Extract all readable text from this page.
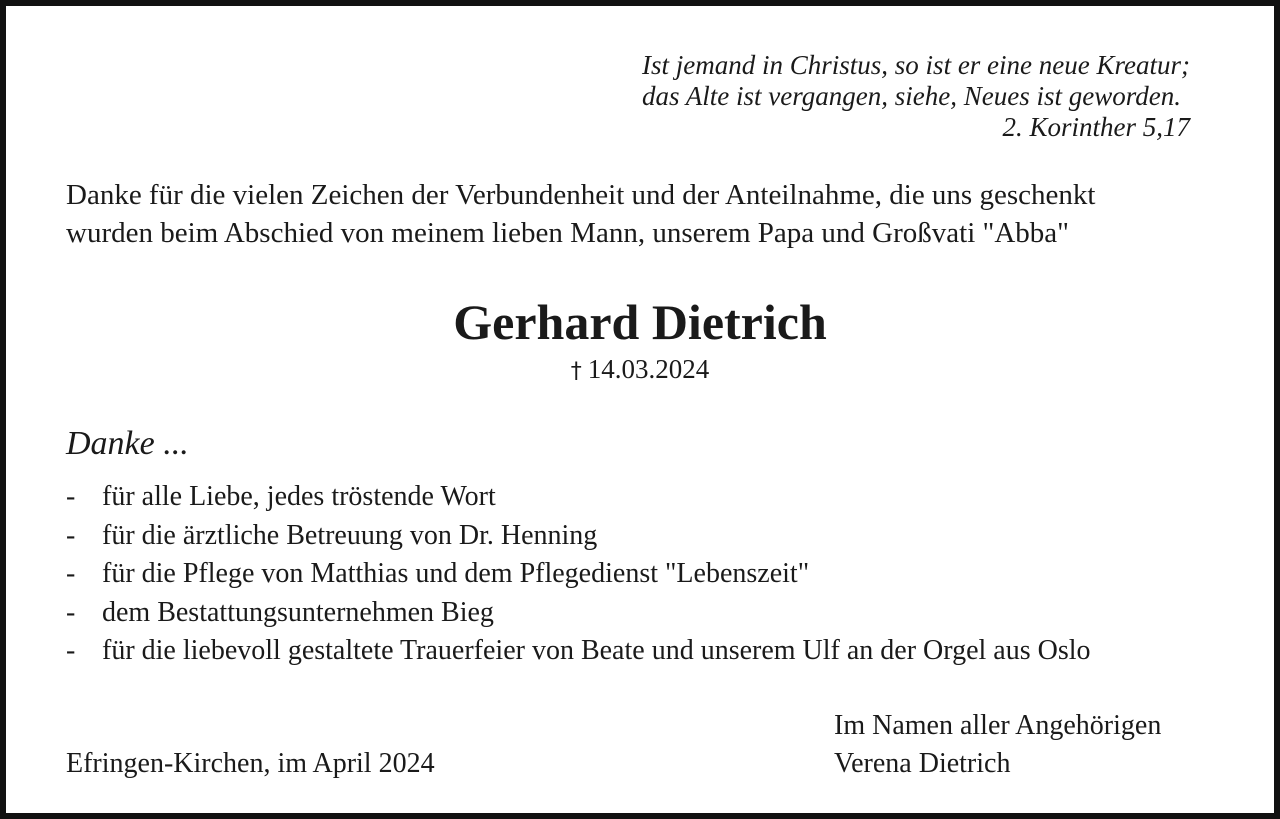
Ist jemand in Christus, so ist er eine neue Kreatur;
das Alte ist vergangen, siehe, Neues ist geworden.

2. Korinther 5,17
Danke für die vielen Zeichen der Verbundenheit und der Anteilnahme, die uns geschenkt
wurden beim Abschied von meinem lieben Mann, unserem Papa und Großvati "Abba"
Gerhard Dietrich
† 14.03.2024
Danke ...
- für alle Liebe, jedes tröstende Wort
- für die ärztliche Betreuung von Dr. Henning
- für die Pflege von Matthias und dem Pflegedienst "Lebenszeit"
- dem Bestattungsunternehmen Bieg
- für die liebevoll gestaltete Trauerfeier von Beate und unserem Ulf an der Orgel aus Oslo
Efringen-Kirchen, im April 2024
Im Namen aller Angehörigen
Verena Dietrich
